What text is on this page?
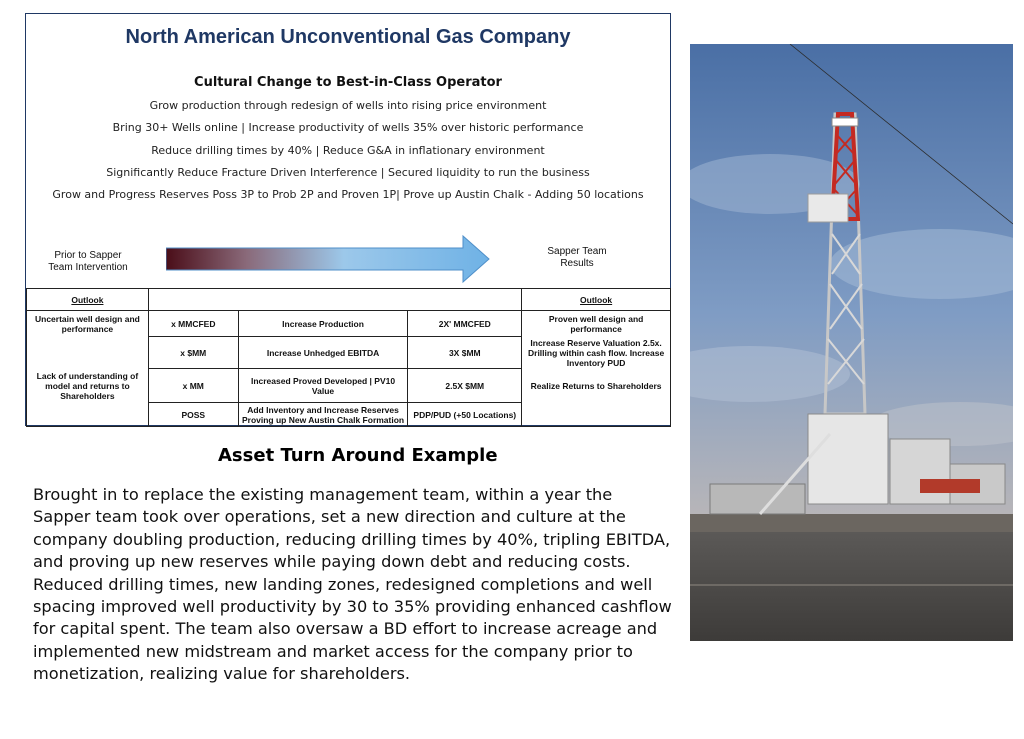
North American Unconventional Gas Company
Cultural Change to Best-in-Class Operator
Grow production through redesign of wells into rising price environment
Bring 30+ Wells online | Increase productivity of wells 35% over historic performance
Reduce drilling times by 40% | Reduce G&A in inflationary environment
Significantly Reduce Fracture Driven Interference | Secured liquidity to run the business
Grow and Progress Reserves Poss 3P to Prob 2P and Proven 1P| Prove up Austin Chalk - Adding 50 locations
Prior to Sapper Team Intervention
Sapper Team Results
Outlook				Outlook
Uncertain well design and performance	x MMCFED	Increase Production	2X' MMCFED	Proven well design and performance
	x $MM	Increase Unhedged EBITDA	3X $MM	Increase Reserve Valuation 2.5x. Drilling within cash flow. Increase Inventory PUD
Lack of understanding of model and returns to Shareholders	x MM	Increased Proved Developed | PV10 Value	2.5X $MM	Realize Returns to Shareholders
	POSS	Add Inventory and Increase Reserves Proving up New Austin Chalk Formation	PDP/PUD (+50 Locations)	
Asset Turn Around Example
Brought in to replace the existing management team, within a year the Sapper team took over operations, set a new direction and culture at the company doubling production, reducing drilling times by 40%, tripling EBITDA, and proving up new reserves while paying down debt and reducing costs. Reduced drilling times, new landing zones, redesigned completions and well spacing improved well productivity by 30 to 35% providing enhanced cashflow for capital spent. The team also oversaw a BD effort to increase acreage and implemented new midstream and market access for the company prior to monetization, realizing value for shareholders.
